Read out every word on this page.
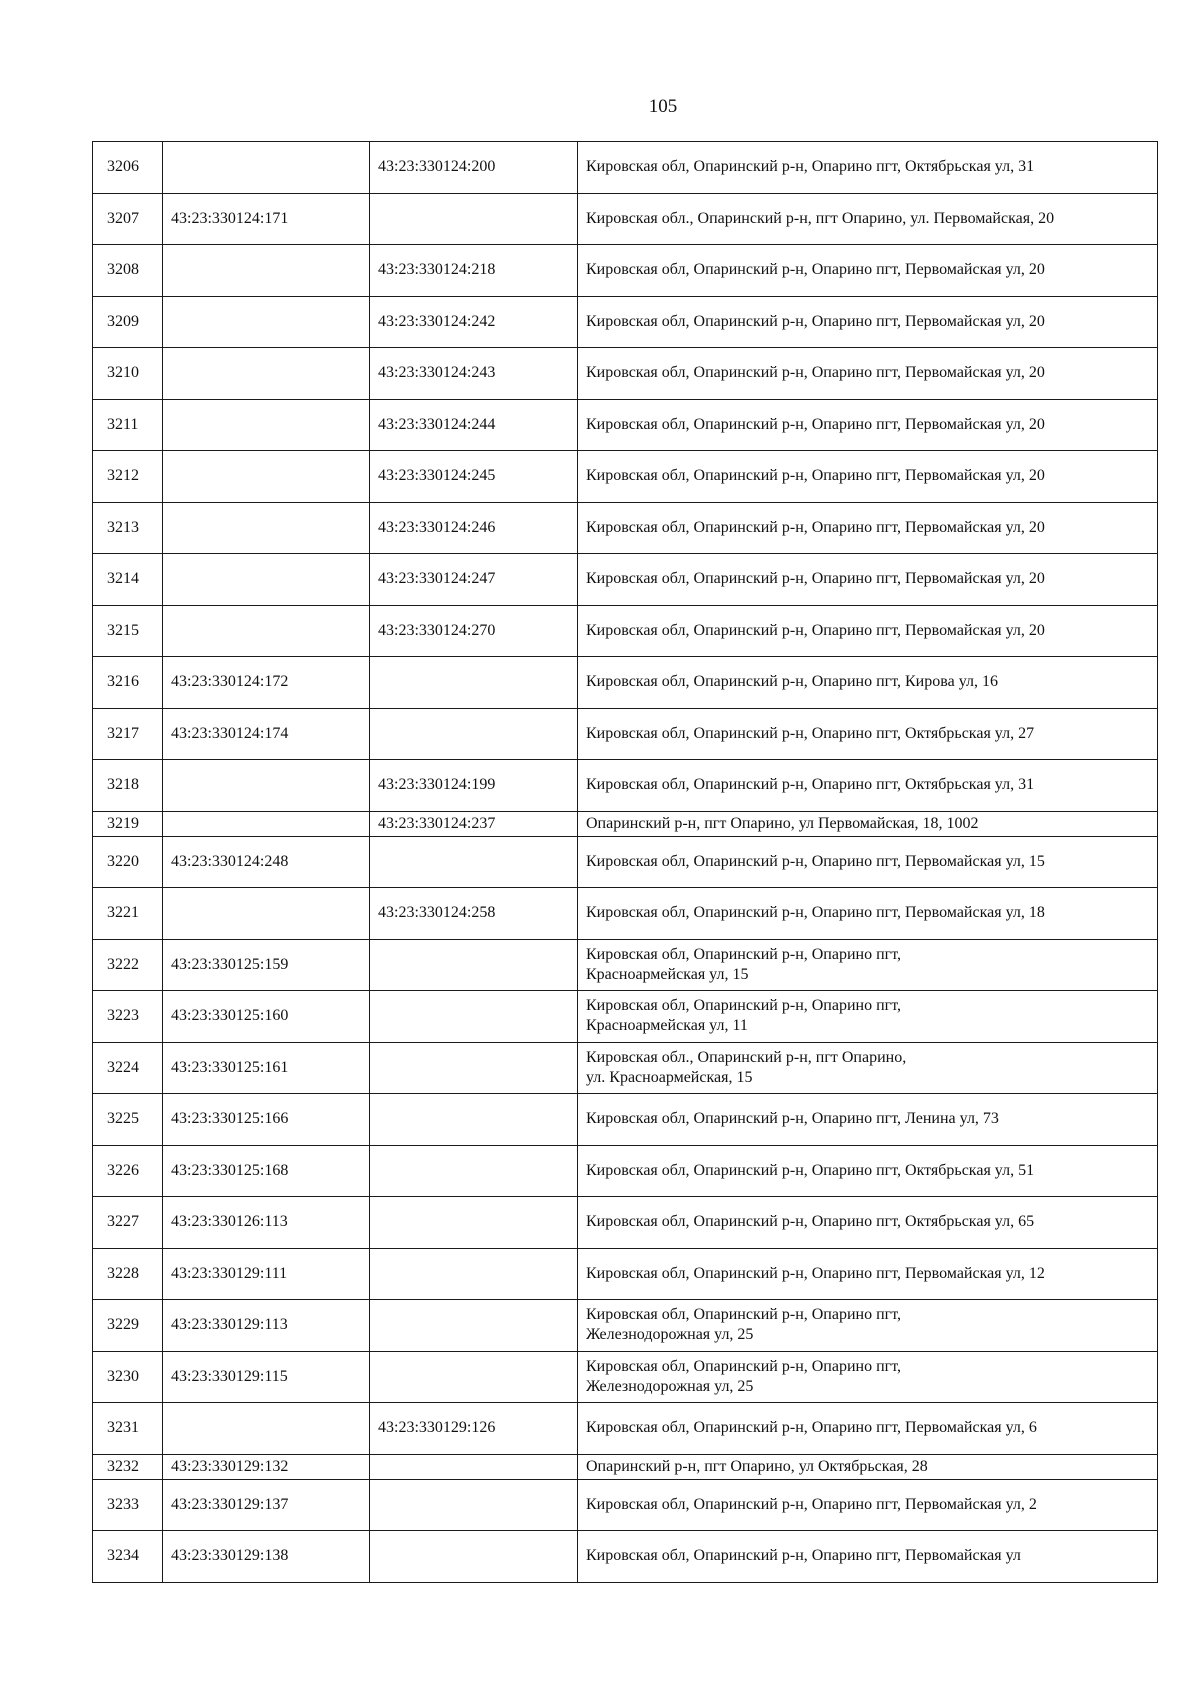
105
3206		43:23:330124:200	Кировская обл, Опаринский р-н, Опарино пгт, Октябрьская ул, 31

3207	43:23:330124:171		Кировская обл., Опаринский р-н, пгт Опарино, ул. Первомайская, 20

3208		43:23:330124:218	Кировская обл, Опаринский р-н, Опарино пгт, Первомайская ул, 20

3209		43:23:330124:242	Кировская обл, Опаринский р-н, Опарино пгт, Первомайская ул, 20

3210		43:23:330124:243	Кировская обл, Опаринский р-н, Опарино пгт, Первомайская ул, 20

3211		43:23:330124:244	Кировская обл, Опаринский р-н, Опарино пгт, Первомайская ул, 20

3212		43:23:330124:245	Кировская обл, Опаринский р-н, Опарино пгт, Первомайская ул, 20

3213		43:23:330124:246	Кировская обл, Опаринский р-н, Опарино пгт, Первомайская ул, 20

3214		43:23:330124:247	Кировская обл, Опаринский р-н, Опарино пгт, Первомайская ул, 20

3215		43:23:330124:270	Кировская обл, Опаринский р-н, Опарино пгт, Первомайская ул, 20

3216	43:23:330124:172		Кировская обл, Опаринский р-н, Опарино пгт, Кирова ул, 16

3217	43:23:330124:174		Кировская обл, Опаринский р-н, Опарино пгт, Октябрьская ул, 27

3218		43:23:330124:199	Кировская обл, Опаринский р-н, Опарино пгт, Октябрьская ул, 31

3219		43:23:330124:237	Опаринский р-н, пгт Опарино, ул Первомайская, 18, 1002

3220	43:23:330124:248		Кировская обл, Опаринский р-н, Опарино пгт, Первомайская ул, 15

3221		43:23:330124:258	Кировская обл, Опаринский р-н, Опарино пгт, Первомайская ул, 18

3222	43:23:330125:159		Кировская обл, Опаринский р-н, Опарино пгт,
Красноармейская ул, 15

3223	43:23:330125:160		Кировская обл, Опаринский р-н, Опарино пгт,
Красноармейская ул, 11

3224	43:23:330125:161		Кировская обл., Опаринский р-н, пгт Опарино,
ул. Красноармейская, 15

3225	43:23:330125:166		Кировская обл, Опаринский р-н, Опарино пгт, Ленина ул, 73

3226	43:23:330125:168		Кировская обл, Опаринский р-н, Опарино пгт, Октябрьская ул, 51

3227	43:23:330126:113		Кировская обл, Опаринский р-н, Опарино пгт, Октябрьская ул, 65

3228	43:23:330129:111		Кировская обл, Опаринский р-н, Опарино пгт, Первомайская ул, 12

3229	43:23:330129:113		Кировская обл, Опаринский р-н, Опарино пгт,
Железнодорожная ул, 25

3230	43:23:330129:115		Кировская обл, Опаринский р-н, Опарино пгт,
Железнодорожная ул, 25

3231		43:23:330129:126	Кировская обл, Опаринский р-н, Опарино пгт, Первомайская ул, 6

3232	43:23:330129:132		Опаринский р-н, пгт Опарино, ул Октябрьская, 28

3233	43:23:330129:137		Кировская обл, Опаринский р-н, Опарино пгт, Первомайская ул, 2

3234	43:23:330129:138		Кировская обл, Опаринский р-н, Опарино пгт, Первомайская ул
